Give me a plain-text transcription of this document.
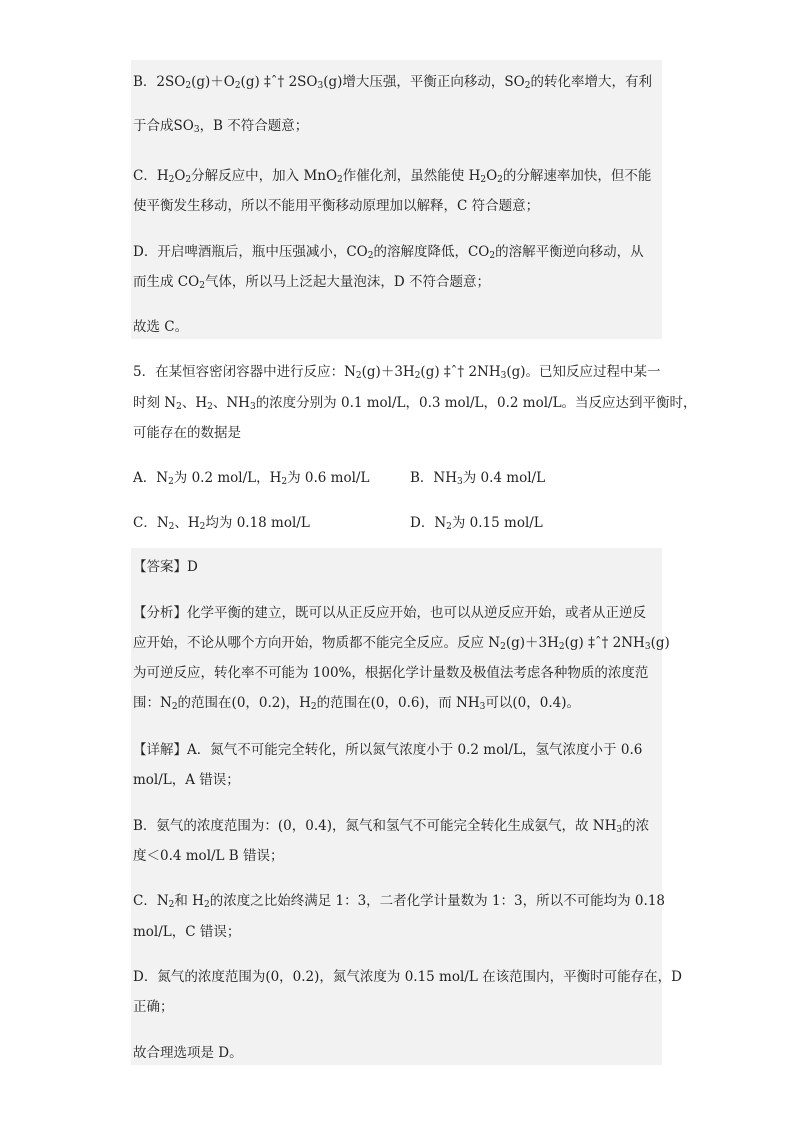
B．$2SO_2(g)+O_2(g)$ ‡ˆ† $2SO_3(g)$增大压强，平衡正向移动，$SO_2$的转化率增大，有利
于合成$SO_3$，B 不符合题意；
C．$H_2O_2$分解反应中，加入 MnO$_2$作催化剂，虽然能使 $H_2O_2$的分解速率加快，但不能
使平衡发生移动，所以不能用平衡移动原理加以解释，C 符合题意；
D．开启啤酒瓶后，瓶中压强减小，$CO_2$的溶解度降低，$CO_2$的溶解平衡逆向移动，从
而生成 $CO_2$气体，所以马上泛起大量泡沫，D 不符合题意；
故选 C。
5．在某恒容密闭容器中进行反应：$N_2(g)+3H_2(g)$ ‡ˆ† $2NH_3(g)$。已知反应过程中某一
时刻 $N_2$、$H_2$、$NH_3$的浓度分别为 0.1 mol/L，0.3 mol/L，0.2 mol/L。当反应达到平衡时，
可能存在的数据是
A．$N_2$为 0.2 mol/L，$H_2$为 0.6 mol/L	B．$NH_3$为 0.4 mol/L
C．$N_2$、$H_2$均为 0.18 mol/L	D．$N_2$为 0.15 mol/L
【答案】D
【分析】化学平衡的建立，既可以从正反应开始，也可以从逆反应开始，或者从正逆反
应开始，不论从哪个方向开始，物质都不能完全反应。反应 $N_2(g)+3H_2(g)$ ‡ˆ† $2NH_3(g)$
为可逆反应，转化率不可能为 100%，根据化学计量数及极值法考虑各种物质的浓度范
围：$N_2$的范围在(0，0.2)，$H_2$的范围在(0，0.6)，而 $NH_3$可以(0，0.4)。
【详解】A．氮气不可能完全转化，所以氮气浓度小于 0.2 mol/L，氢气浓度小于 0.6
mol/L，A 错误；
B．氨气的浓度范围为：(0，0.4)，氮气和氢气不可能完全转化生成氨气，故 $NH_3$的浓
度＜0.4 mol/L B 错误；
C．$N_2$和 $H_2$的浓度之比始终满足 1：3，二者化学计量数为 1：3，所以不可能均为 0.18
mol/L，C 错误；
D．氮气的浓度范围为(0，0.2)，氮气浓度为 0.15 mol/L 在该范围内，平衡时可能存在，D
正确；
故合理选项是 D。
